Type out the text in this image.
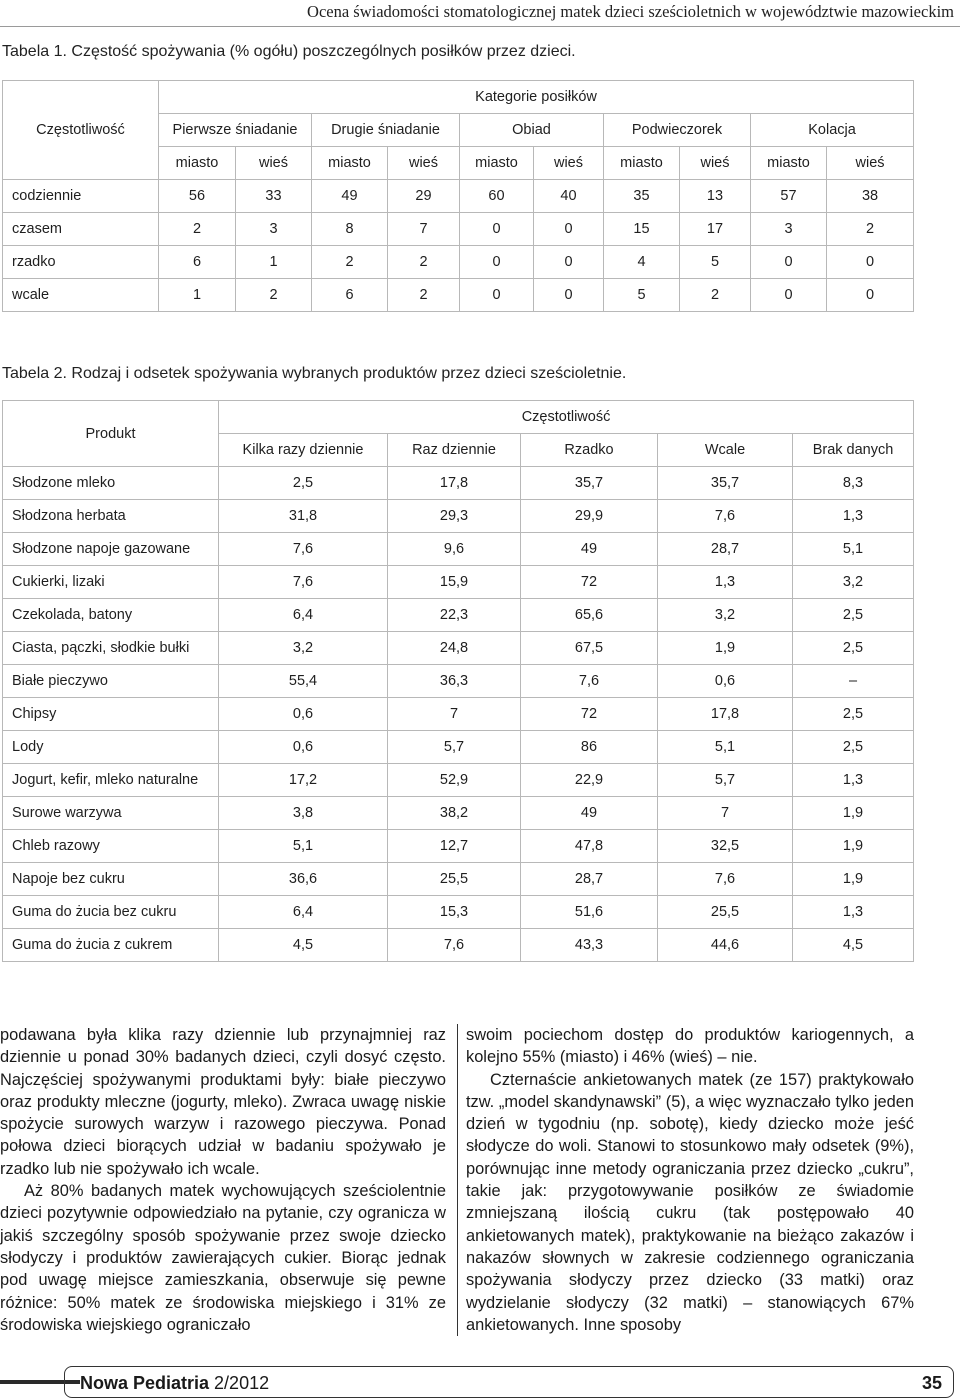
Ocena świadomości stomatologicznej matek dzieci sześcioletnich w województwie mazowieckim
Tabela 1. Częstość spożywania (% ogółu) poszczególnych posiłków przez dzieci.
Częstotliwość	Kategorie posiłków									
	Pierwsze śniadanie		Drugie śniadanie		Obiad		Podwieczorek		Kolacja	
	miasto	wieś	miasto	wieś	miasto	wieś	miasto	wieś	miasto	wieś
codziennie	56	33	49	29	60	40	35	13	57	38
czasem	2	3	8	7	0	0	15	17	3	2
rzadko	6	1	2	2	0	0	4	5	0	0
wcale	1	2	6	2	0	0	5	2	0	0
Tabela 2. Rodzaj i odsetek spożywania wybranych produktów przez dzieci sześcioletnie.
Produkt	Częstotliwość				
	Kilka razy dziennie	Raz dziennie	Rzadko	Wcale	Brak danych
Słodzone mleko	2,5	17,8	35,7	35,7	8,3
Słodzona herbata	31,8	29,3	29,9	7,6	1,3
Słodzone napoje gazowane	7,6	9,6	49	28,7	5,1
Cukierki, lizaki	7,6	15,9	72	1,3	3,2
Czekolada, batony	6,4	22,3	65,6	3,2	2,5
Ciasta, pączki, słodkie bułki	3,2	24,8	67,5	1,9	2,5
Białe pieczywo	55,4	36,3	7,6	0,6	–
Chipsy	0,6	7	72	17,8	2,5
Lody	0,6	5,7	86	5,1	2,5
Jogurt, kefir, mleko naturalne	17,2	52,9	22,9	5,7	1,3
Surowe warzywa	3,8	38,2	49	7	1,9
Chleb razowy	5,1	12,7	47,8	32,5	1,9
Napoje bez cukru	36,6	25,5	28,7	7,6	1,9
Guma do żucia bez cukru	6,4	15,3	51,6	25,5	1,3
Guma do żucia z cukrem	4,5	7,6	43,3	44,6	4,5

podawana była klika razy dziennie lub przynajmniej raz dziennie u ponad 30% badanych dzieci, czyli dosyć często. Najczęściej spożywanymi produktami były: białe pieczywo oraz produkty mleczne (jogurty, mleko). Zwraca uwagę niskie spożycie surowych warzyw i razowego pieczywa. Ponad połowa dzieci biorących udział w badaniu spożywało je rzadko lub nie spożywało ich wcale.

Aż 80% badanych matek wychowujących sześciolentnie dzieci pozytywnie odpowiedziało na pytanie, czy ogranicza w jakiś szczególny sposób spożywanie przez swoje dziecko słodyczy i produktów zawierających cukier. Biorąc jednak pod uwagę miejsce zamieszkania, obserwuje się pewne różnice: 50% matek ze środowiska miejskiego i 31% ze środowiska wiejskiego ograniczało

swoim pociechom dostęp do produktów kariogennych, a kolejno 55% (miasto) i 46% (wieś) – nie.

Czternaście ankietowanych matek (ze 157) praktykowało tzw. „model skandynawski” (5), a więc wyznaczało tylko jeden dzień w tygodniu (np. sobotę), kiedy dziecko może jeść słodycze do woli. Stanowi to stosunkowo mały odsetek (9%), porównując inne metody ograniczania przez dziecko „cukru”, takie jak: przygotowywanie posiłków ze świadomie zmniejszaną ilością cukru (tak postępowało 40 ankietowanych matek), praktykowanie na bieżąco zakazów i nakazów słownych w zakresie codziennego ograniczania spożywania słodyczy przez dziecko (33 matki) oraz wydzielanie słodyczy (32 matki) – stanowiących 67% ankietowanych. Inne sposoby

Nowa Pediatria 2/2012	35
